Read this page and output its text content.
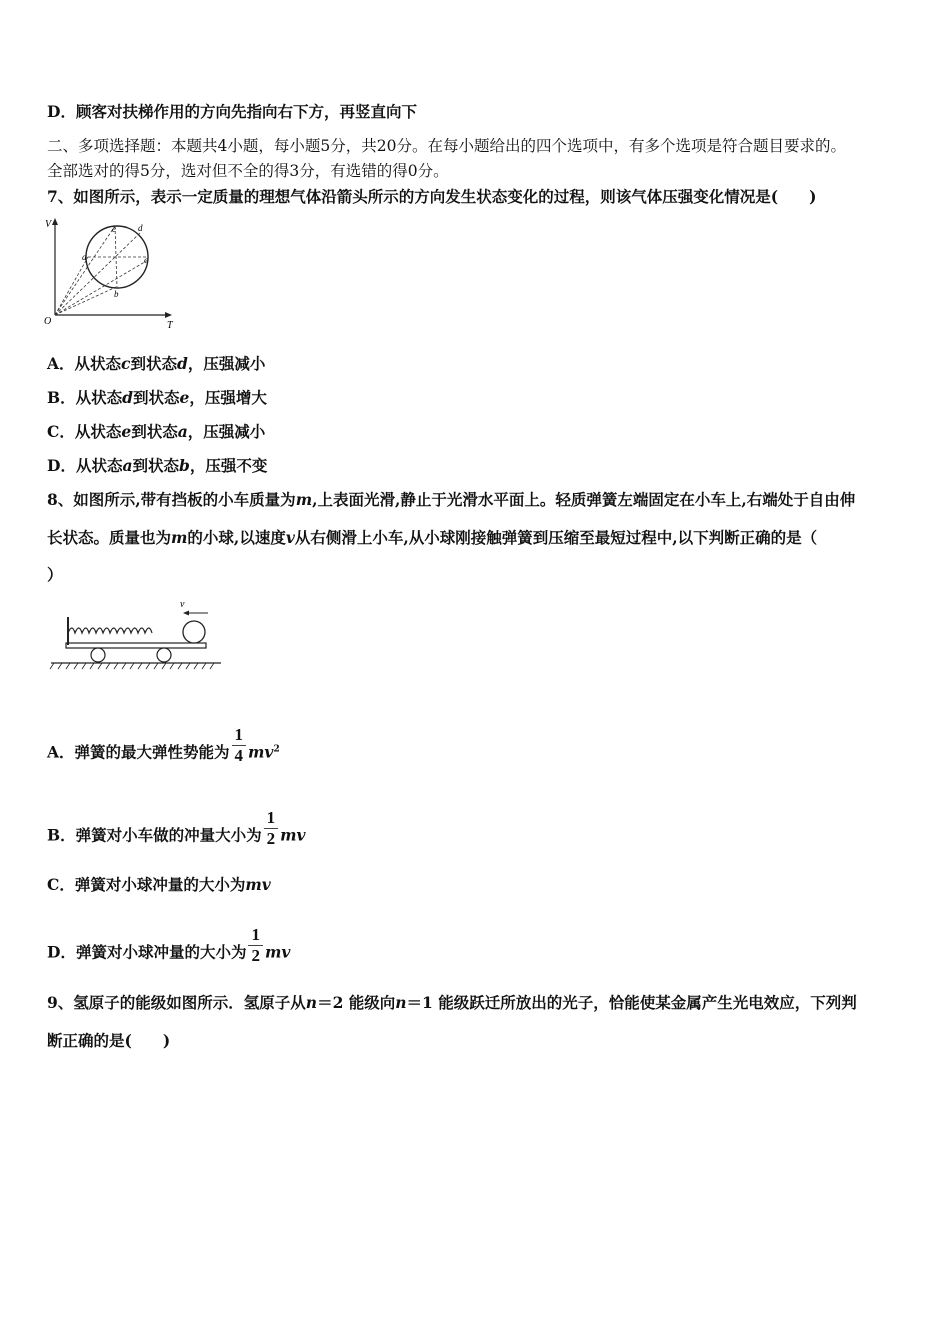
D．顾客对扶梯作用的方向先指向右下方，再竖直向下
二、多项选择题：本题共4小题，每小题5分，共20分。在每小题给出的四个选项中，有多个选项是符合题目要求的。
全部选对的得5分，选对但不全的得3分，有选错的得0分。
7、如图所示，表示一定质量的理想气体沿箭头所示的方向发生状态变化的过程，则该气体压强变化情况是(　　)
V
T
O
a
b
c
d
e
A．从状态c到状态d，压强减小
B．从状态d到状态e，压强增大
C．从状态e到状态a，压强减小
D．从状态a到状态b，压强不变
8、如图所示,带有挡板的小车质量为m,上表面光滑,静止于光滑水平面上。轻质弹簧左端固定在小车上,右端处于自由伸
长状态。质量也为m的小球,以速度v从右侧滑上小车,从小球刚接触弹簧到压缩至最短过程中,以下判断正确的是（
）
v
A．弹簧的最大弹性势能为 $\frac{1}{4} mv^2$
B．弹簧对小车做的冲量大小为 $\frac{1}{2}$ mv
C．弹簧对小球冲量的大小为mv
D．弹簧对小球冲量的大小为 $\frac{1}{2}$ mv
9、氢原子的能级如图所示．氢原子从n＝2 能级向n＝1 能级跃迁所放出的光子，恰能使某金属产生光电效应，下列判
断正确的是(　　)
